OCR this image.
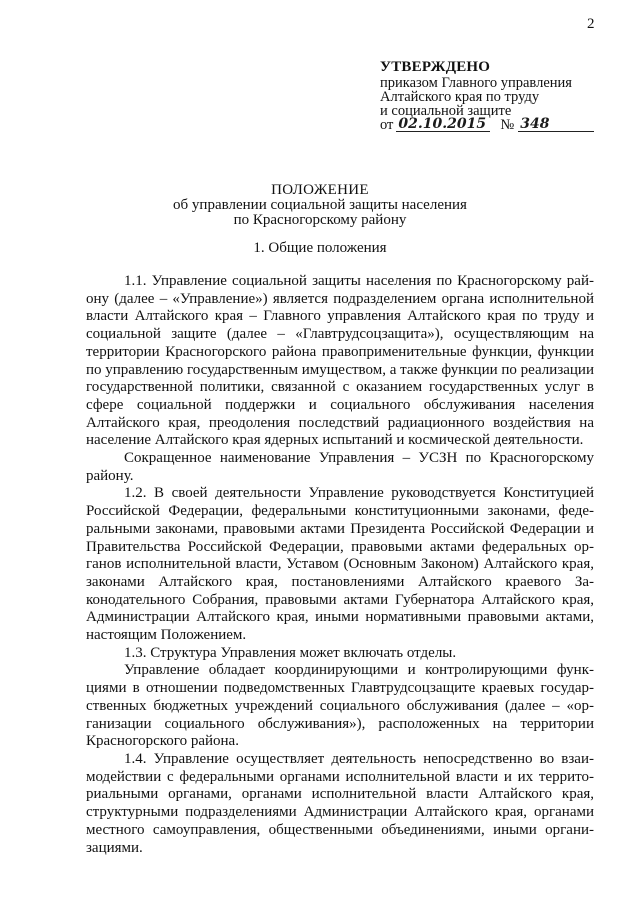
2
УТВЕРЖДЕНО
приказом Главного управления
Алтайского края по труду
и социальной защите
от 02.10.2015 № 348
ПОЛОЖЕНИЕ
об управлении социальной защиты населения
по Красногорскому району
1. Общие положения

1.1. Управление социальной защиты населения по Красногорскому району (далее – «Управление») является подразделением органа исполнительной власти Алтайского края – Главного управления Алтайского края по труду и социальной защите (далее – «Главтрудсоцзащита»), осуществляющим на территории Красногорского района правоприменительные функции, функции по управлению государственным имуществом, а также функции по реализации государственной политики, связанной с оказанием государственных услуг в сфере социальной поддержки и социального обслуживания населения Алтайского края, преодоления последствий радиационного воздействия на население Алтайского края ядерных испытаний и космической деятельности.

Сокращенное наименование Управления – УСЗН по Красногорскому району.

1.2. В своей деятельности Управление руководствуется Конституцией Российской Федерации, федеральными конституционными законами, федеральными законами, правовыми актами Президента Российской Федерации и Правительства Российской Федерации, правовыми актами федеральных органов исполнительной власти, Уставом (Основным Законом) Алтайского края, законами Алтайского края, постановлениями Алтайского краевого Законодательного Собрания, правовыми актами Губернатора Алтайского края, Администрации Алтайского края, иными нормативными правовыми актами, настоящим Положением.

1.3. Структура Управления может включать отделы.

Управление обладает координирующими и контролирующими функциями в отношении подведомственных Главтрудсоцзащите краевых государственных бюджетных учреждений социального обслуживания (далее – «организации социального обслуживания»), расположенных на территории Красногорского района.

1.4. Управление осуществляет деятельность непосредственно во взаимодействии с федеральными органами исполнительной власти и их территориальными органами, органами исполнительной власти Алтайского края, структурными подразделениями Администрации Алтайского края, органами местного самоуправления, общественными объединениями, иными организациями.
